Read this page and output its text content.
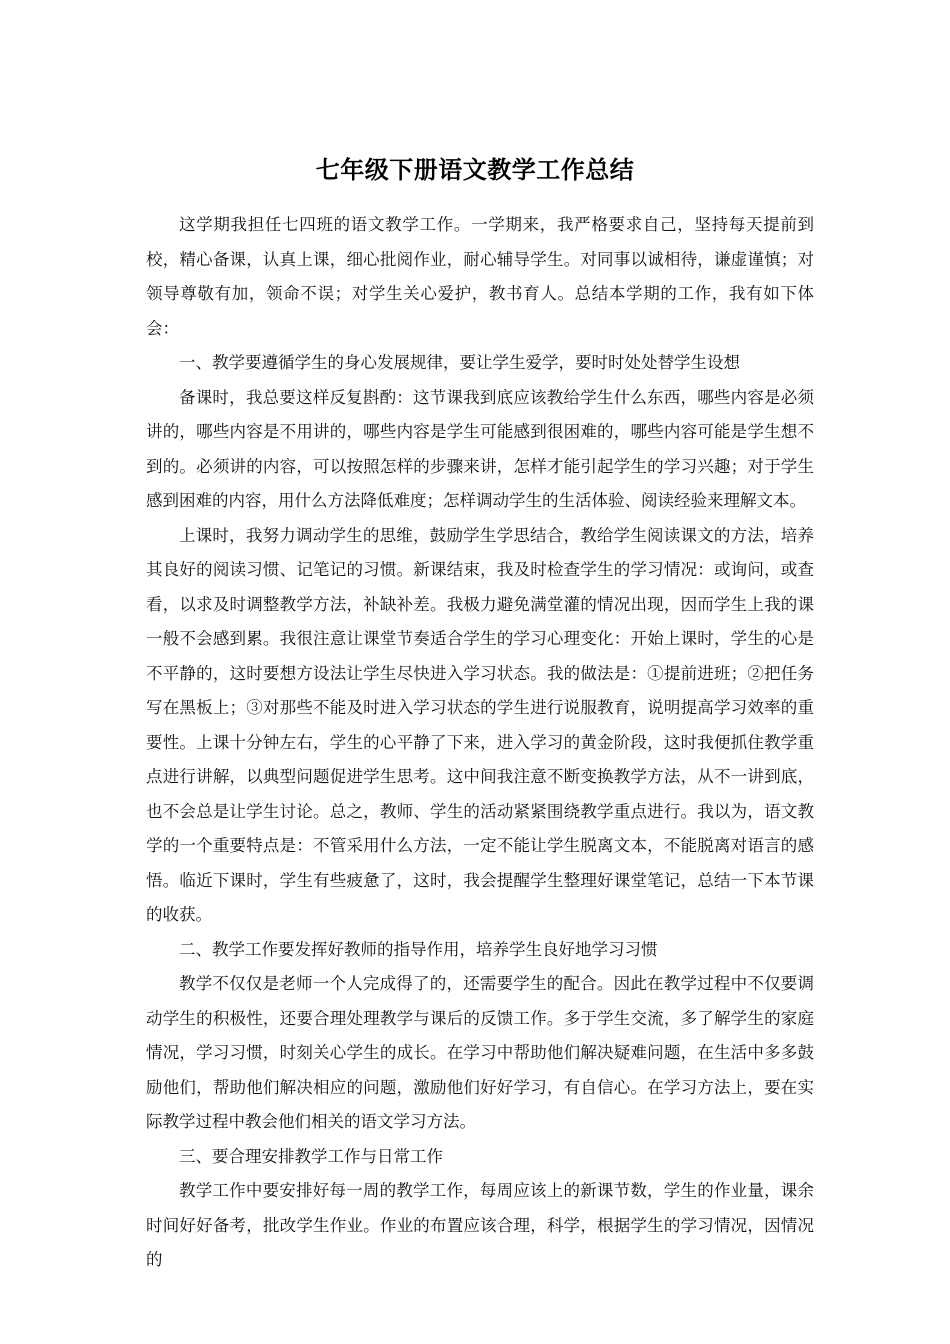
七年级下册语文教学工作总结

这学期我担任七四班的语文教学工作。一学期来，我严格要求自己，坚持每天提前到校，精心备课，认真上课，细心批阅作业，耐心辅导学生。对同事以诚相待，谦虚谨慎；对领导尊敬有加，领命不误；对学生关心爱护，教书育人。总结本学期的工作，我有如下体会：

一、教学要遵循学生的身心发展规律，要让学生爱学，要时时处处替学生设想

备课时，我总要这样反复斟酌：这节课我到底应该教给学生什么东西，哪些内容是必须讲的，哪些内容是不用讲的，哪些内容是学生可能感到很困难的，哪些内容可能是学生想不到的。必须讲的内容，可以按照怎样的步骤来讲，怎样才能引起学生的学习兴趣；对于学生感到困难的内容，用什么方法降低难度；怎样调动学生的生活体验、阅读经验来理解文本。

上课时，我努力调动学生的思维，鼓励学生学思结合，教给学生阅读课文的方法，培养其良好的阅读习惯、记笔记的习惯。新课结束，我及时检查学生的学习情况：或询问，或查看，以求及时调整教学方法，补缺补差。我极力避免满堂灌的情况出现，因而学生上我的课一般不会感到累。我很注意让课堂节奏适合学生的学习心理变化：开始上课时，学生的心是不平静的，这时要想方设法让学生尽快进入学习状态。我的做法是：①提前进班；②把任务写在黑板上；③对那些不能及时进入学习状态的学生进行说服教育，说明提高学习效率的重要性。上课十分钟左右，学生的心平静了下来，进入学习的黄金阶段，这时我便抓住教学重点进行讲解，以典型问题促进学生思考。这中间我注意不断变换教学方法，从不一讲到底，也不会总是让学生讨论。总之，教师、学生的活动紧紧围绕教学重点进行。我以为，语文教学的一个重要特点是：不管采用什么方法，一定不能让学生脱离文本，不能脱离对语言的感悟。临近下课时，学生有些疲惫了，这时，我会提醒学生整理好课堂笔记，总结一下本节课的收获。

二、教学工作要发挥好教师的指导作用，培养学生良好地学习习惯

教学不仅仅是老师一个人完成得了的，还需要学生的配合。因此在教学过程中不仅要调动学生的积极性，还要合理处理教学与课后的反馈工作。多于学生交流，多了解学生的家庭情况，学习习惯，时刻关心学生的成长。在学习中帮助他们解决疑难问题，在生活中多多鼓励他们，帮助他们解决相应的问题，激励他们好好学习，有自信心。在学习方法上，要在实际教学过程中教会他们相关的语文学习方法。

三、要合理安排教学工作与日常工作

教学工作中要安排好每一周的教学工作，每周应该上的新课节数，学生的作业量，课余时间好好备考，批改学生作业。作业的布置应该合理，科学，根据学生的学习情况，因情况的
